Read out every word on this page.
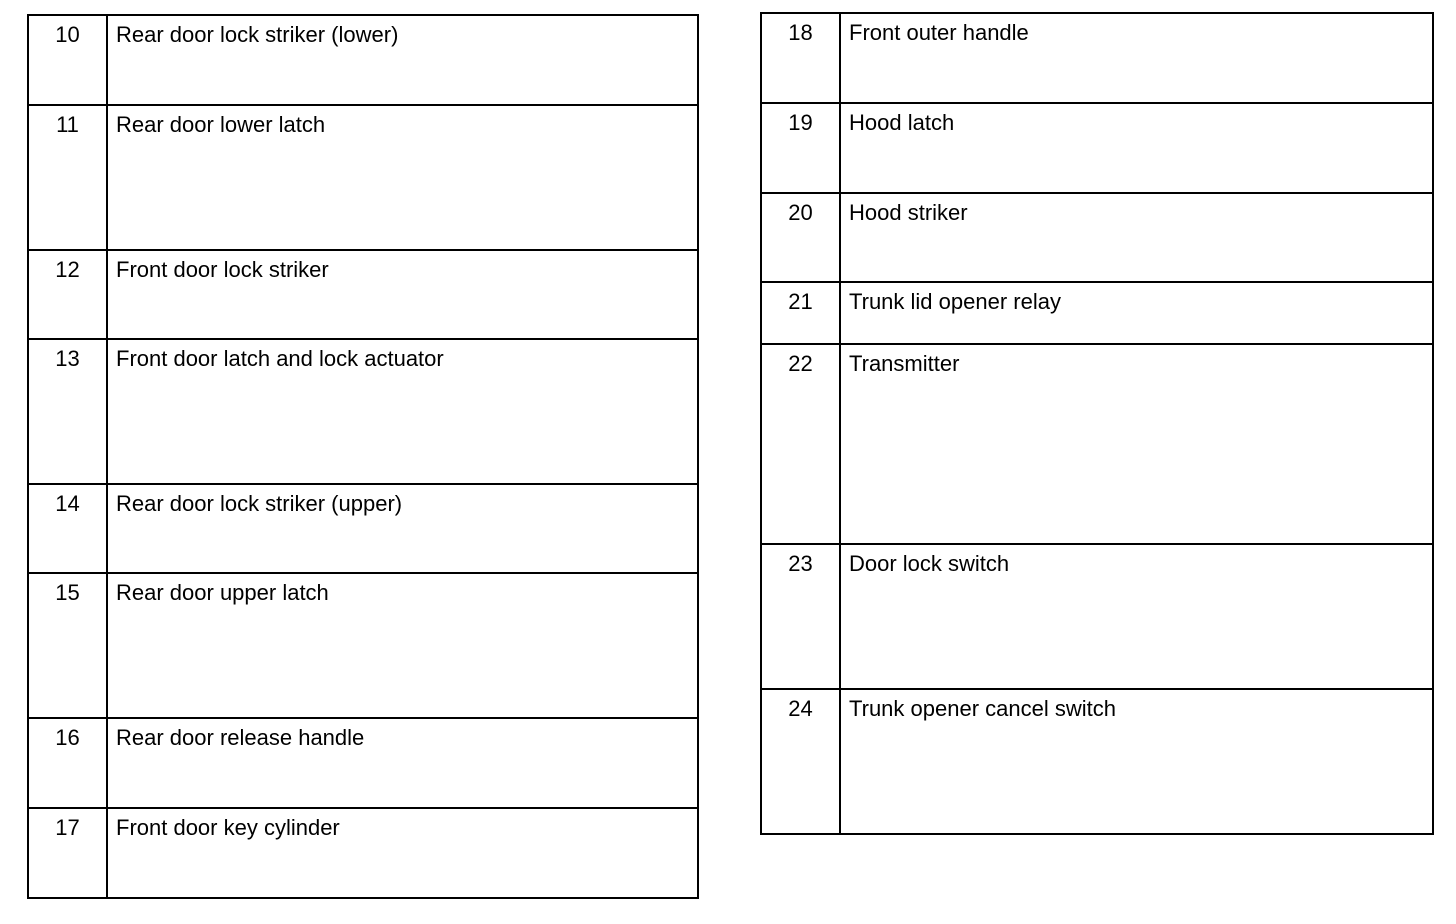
10	Rear door lock striker (lower)
11	Rear door lower latch
12	Front door lock striker
13	Front door latch and lock actuator
14	Rear door lock striker (upper)
15	Rear door upper latch
16	Rear door release handle
17	Front door key cylinder
18	Front outer handle
19	Hood latch
20	Hood striker
21	Trunk lid opener relay
22	Transmitter
23	Door lock switch
24	Trunk opener cancel switch
